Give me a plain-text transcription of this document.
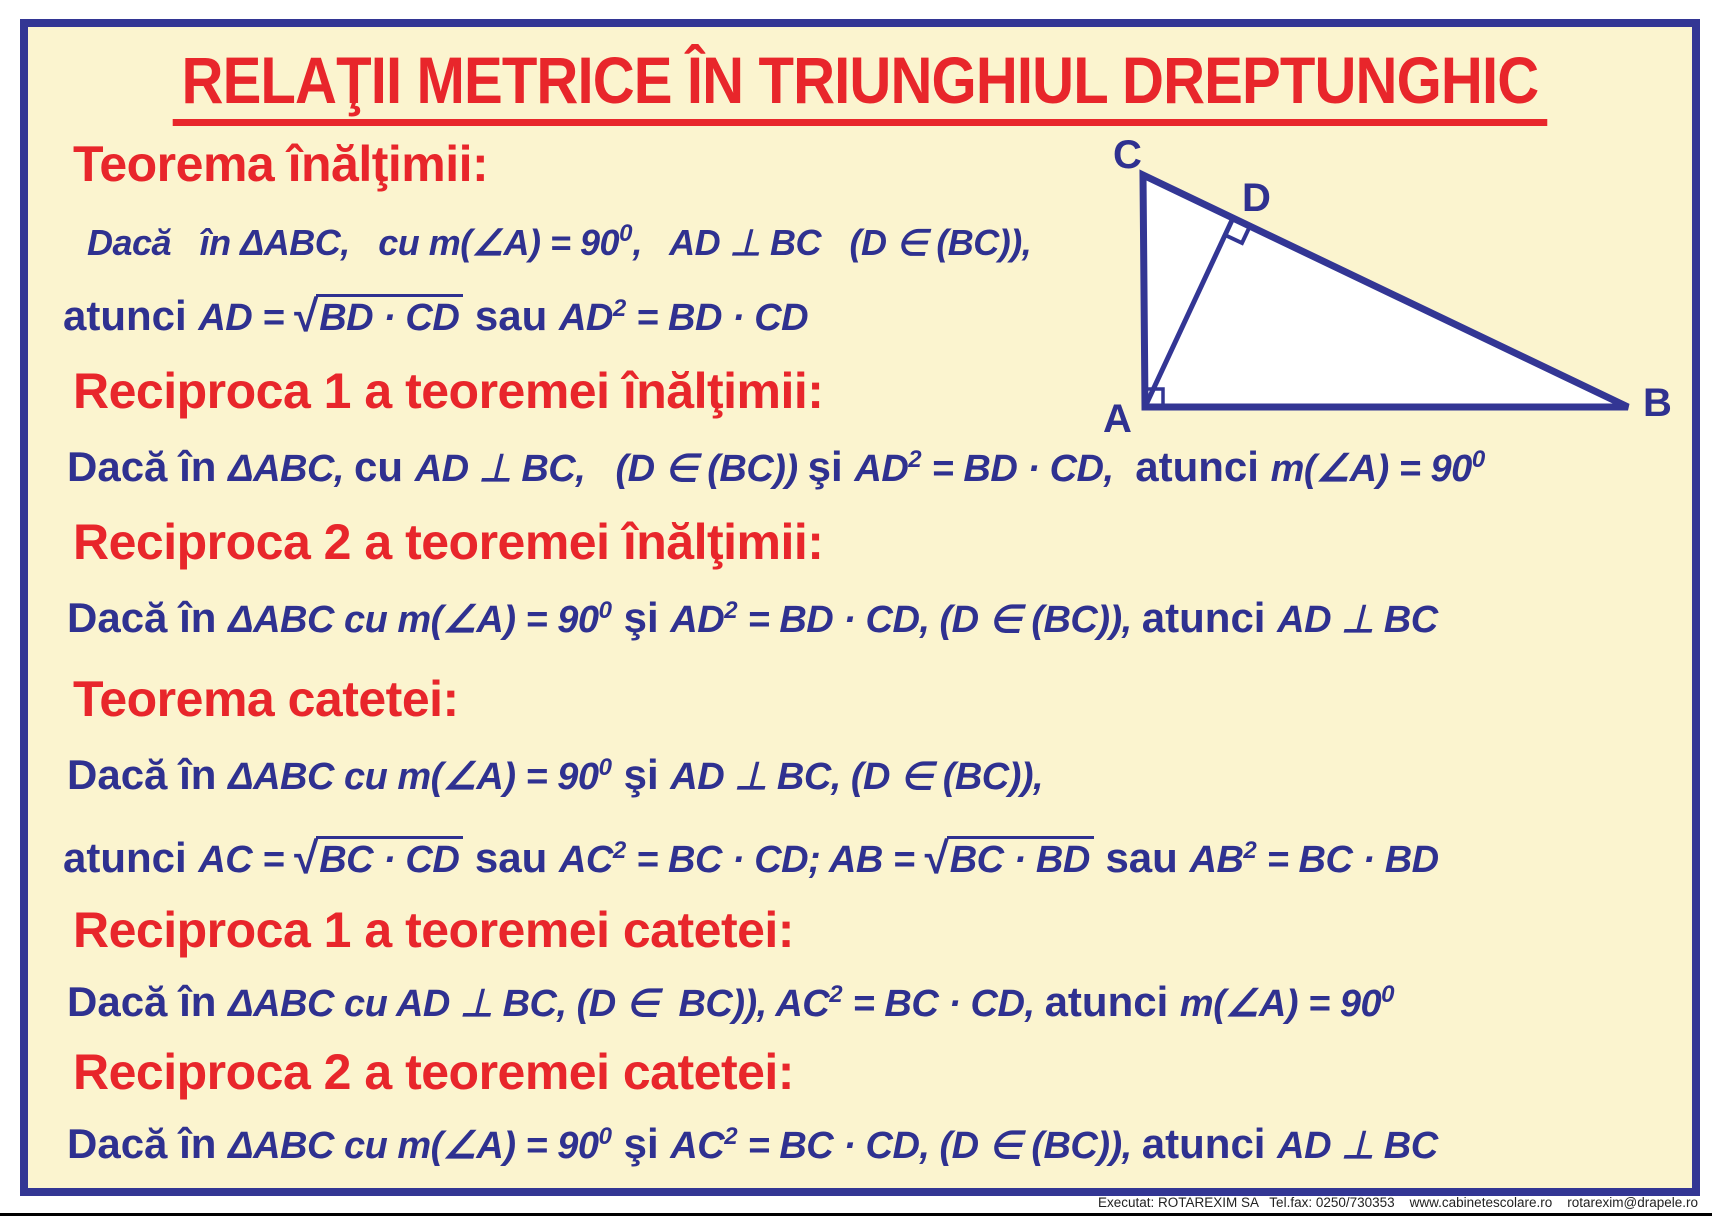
RELAŢII METRICE ÎN TRIUNGHIUL DREPTUNGHIC
Teorema înălţimii:
Dacă   în ΔABC,   cu m(∠A) = $90^0$,   AD ⊥ BC   (D ∈ (BC)),
atunci AD = √BD · CD sau $AD^2$ = BD · CD
Reciproca 1 a teoremei înălţimii:
Dacă în ΔABC, cu AD ⊥ BC,   (D ∈ (BC)) şi $AD^2$ = BD · CD,  atunci m(∠A) = $90^0$
Reciproca 2 a teoremei înălţimii:
Dacă în ΔABC cu m(∠A) = $90^0$ şi $AD^2$ = BD · CD, (D ∈ (BC)), atunci AD ⊥ BC
Teorema catetei:
Dacă în ΔABC cu m(∠A) = $90^0$ şi AD ⊥ BC, (D ∈ (BC)),
atunci AC = √BC · CD sau $AC^2$ = BC · CD; AB = √BC · BD sau $AB^2$ = BC · BD
Reciproca 1 a teoremei catetei:
Dacă în ΔABC cu AD ⊥ BC, (D ∈  BC)), $AC^2$ = BC · CD, atunci m(∠A) = $90^0$
Reciproca 2 a teoremei catetei:
Dacă în ΔABC cu m(∠A) = $90^0$ şi $AC^2$ = BC · CD, (D ∈ (BC)), atunci AD ⊥ BC
C
D
A	B
Executat: ROTAREXIM SA   Tel.fax: 0250/730353    www.cabinetescolare.ro    rotarexim@drapele.ro
